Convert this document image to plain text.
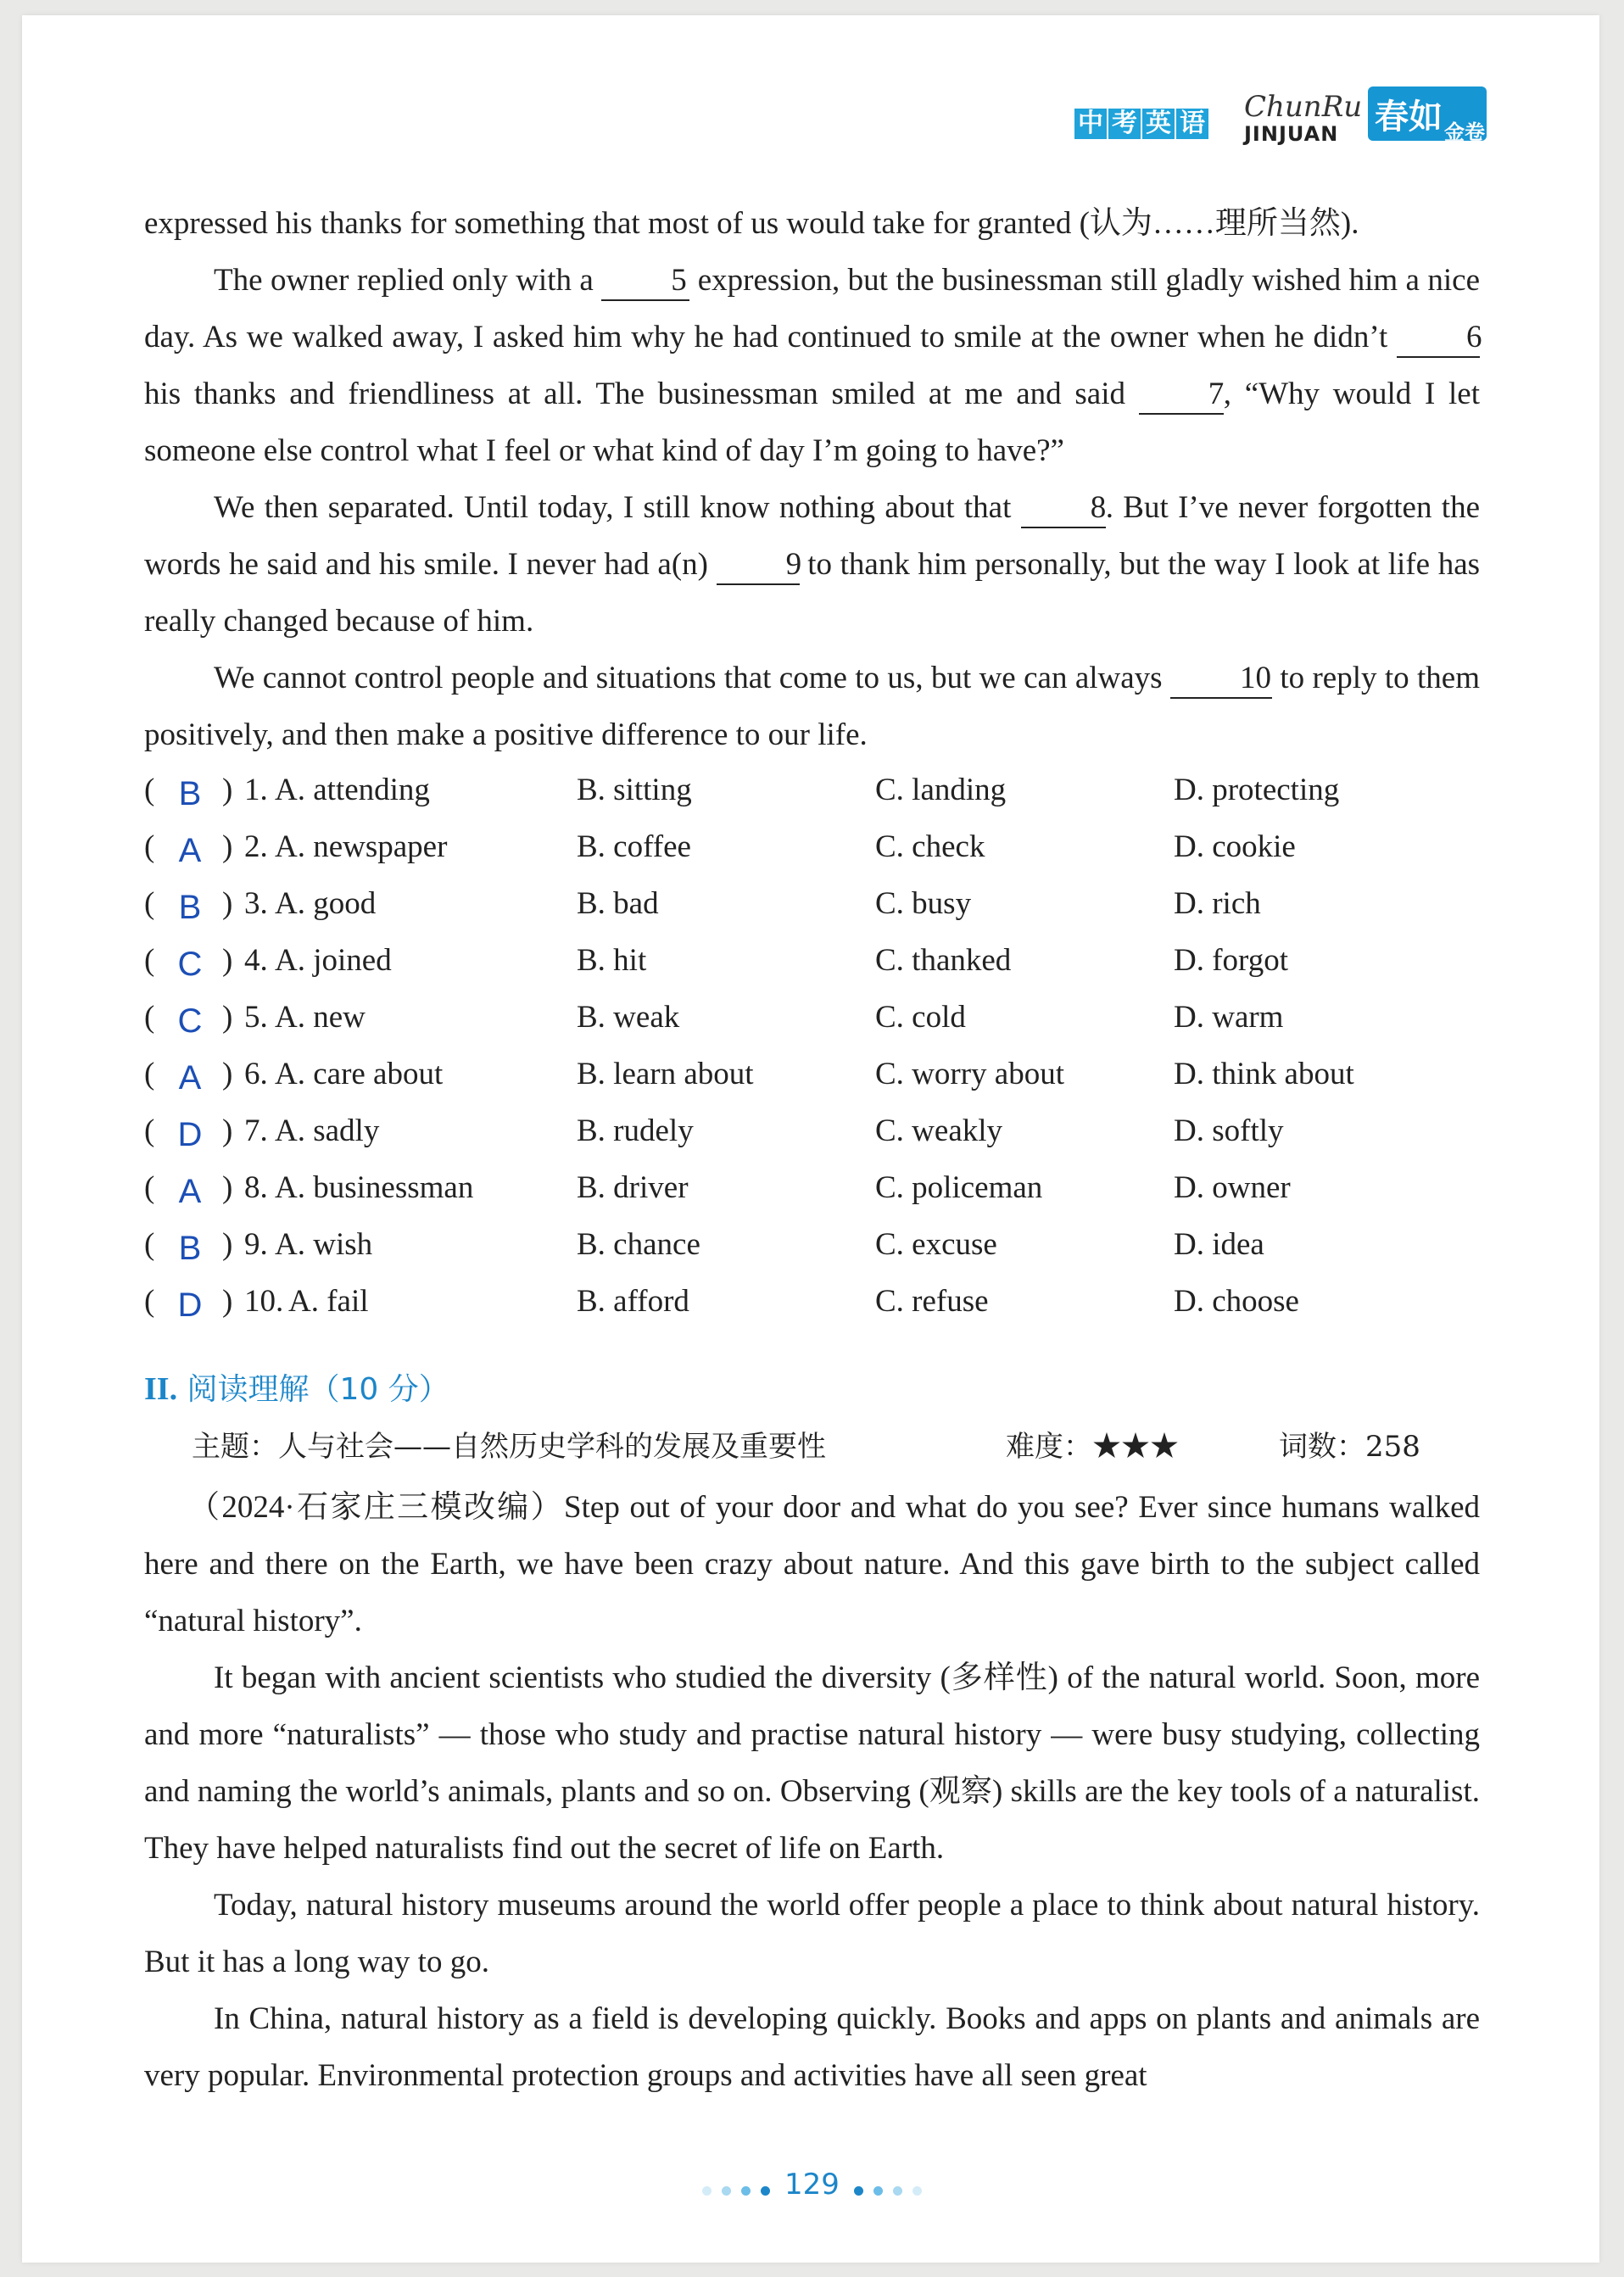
中 考 英 语 ChunRu
JINJUAN 春如 金卷

expressed his thanks for something that most of us would take for granted (认为……理所当然).

The owner replied only with a 5 expression, but the businessman still gladly wished him a nice day. As we walked away, I asked him why he had continued to smile at the owner when he didn’t	6 his thanks and friendliness at all. The businessman smiled at me and said	7, “Why would I let someone else control what I feel or what kind of day I’m going to have?”

We then separated. Until today, I still know nothing about that	8. But I’ve never forgotten the words he said and his smile. I never had a(n) 9 to thank him personally, but the way I look at life has really changed because of him.

We cannot control people and situations that come to us, but we can always 10 to reply to them positively, and then make a positive difference to our life.

( B ) 1. A. attending	B. sitting	C. landing	D. protecting
( A ) 2. A. newspaper	B. coffee	C. check	D. cookie
( B ) 3. A. good	B. bad	C. busy	D. rich
( C ) 4. A. joined	B. hit	C. thanked	D. forgot
( C ) 5. A. new	B. weak	C. cold	D. warm
( A ) 6. A. care about	B. learn about	C. worry about	D. think about
( D ) 7. A. sadly	B. rudely	C. weakly	D. softly
( A ) 8. A. businessman	B. driver	C. policeman	D. owner
( B ) 9. A. wish	B. chance	C. excuse	D. idea
( D ) 10. A. fail	B. afford	C. refuse	D. choose
II. 阅读理解（10 分）
主题：人与社会——自然历史学科的发展及重要性	难度：★★★	词数：258

（2024·石家庄三模改编）Step out of your door and what do you see? Ever since humans walked here and there on the Earth, we have been crazy about nature. And this gave birth to the subject called “natural history”.

It began with ancient scientists who studied the diversity (多样性) of the natural world. Soon, more and more “naturalists” — those who study and practise natural history — were busy studying, collecting and naming the world’s animals, plants and so on. Observing (观察) skills are the key tools of a naturalist. They have helped naturalists find out the secret of life on Earth.

Today, natural history museums around the world offer people a place to think about natural history. But it has a long way to go.

In China, natural history as a field is developing quickly. Books and apps on plants and animals are very popular. Environmental protection groups and activities have all seen great

129
